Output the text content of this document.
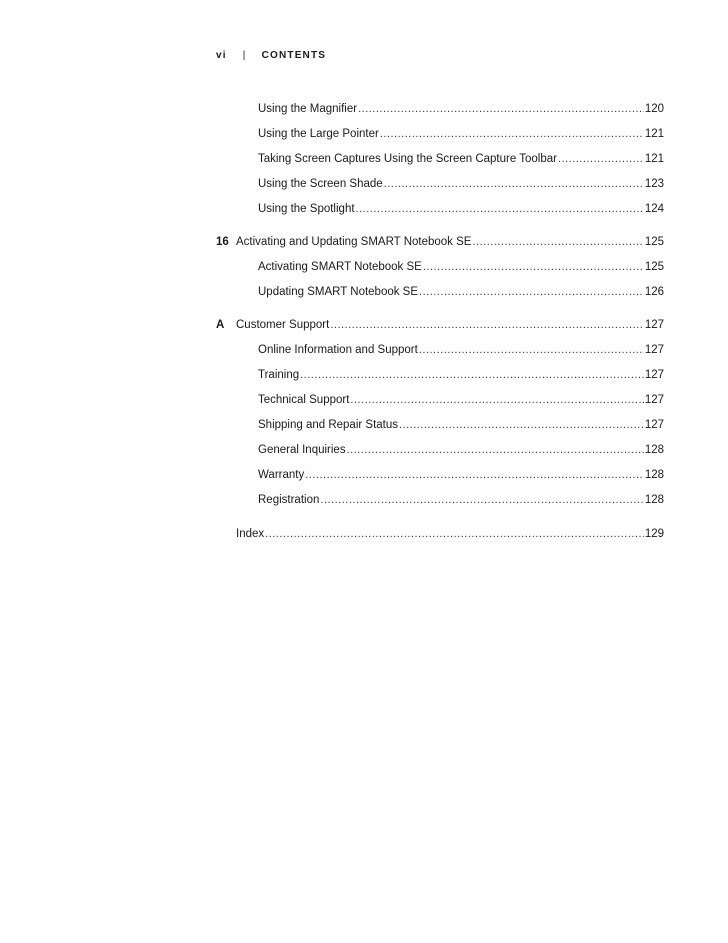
vi | CONTENTS
Using the Magnifier .....	120
Using the Large Pointer .....	121
Taking Screen Captures Using the Screen Capture Toolbar .....	121
Using the Screen Shade .....	123
Using the Spotlight .....	124
16 Activating and Updating SMART Notebook SE .....	125
Activating SMART Notebook SE .....	125
Updating SMART Notebook SE .....	126
A	Customer Support .....	127
Online Information and Support .....	127
Training .....	127
Technical Support .....	127
Shipping and Repair Status .....	127
General Inquiries .....	128
Warranty .....	128
Registration .....	128
Index .....	129
